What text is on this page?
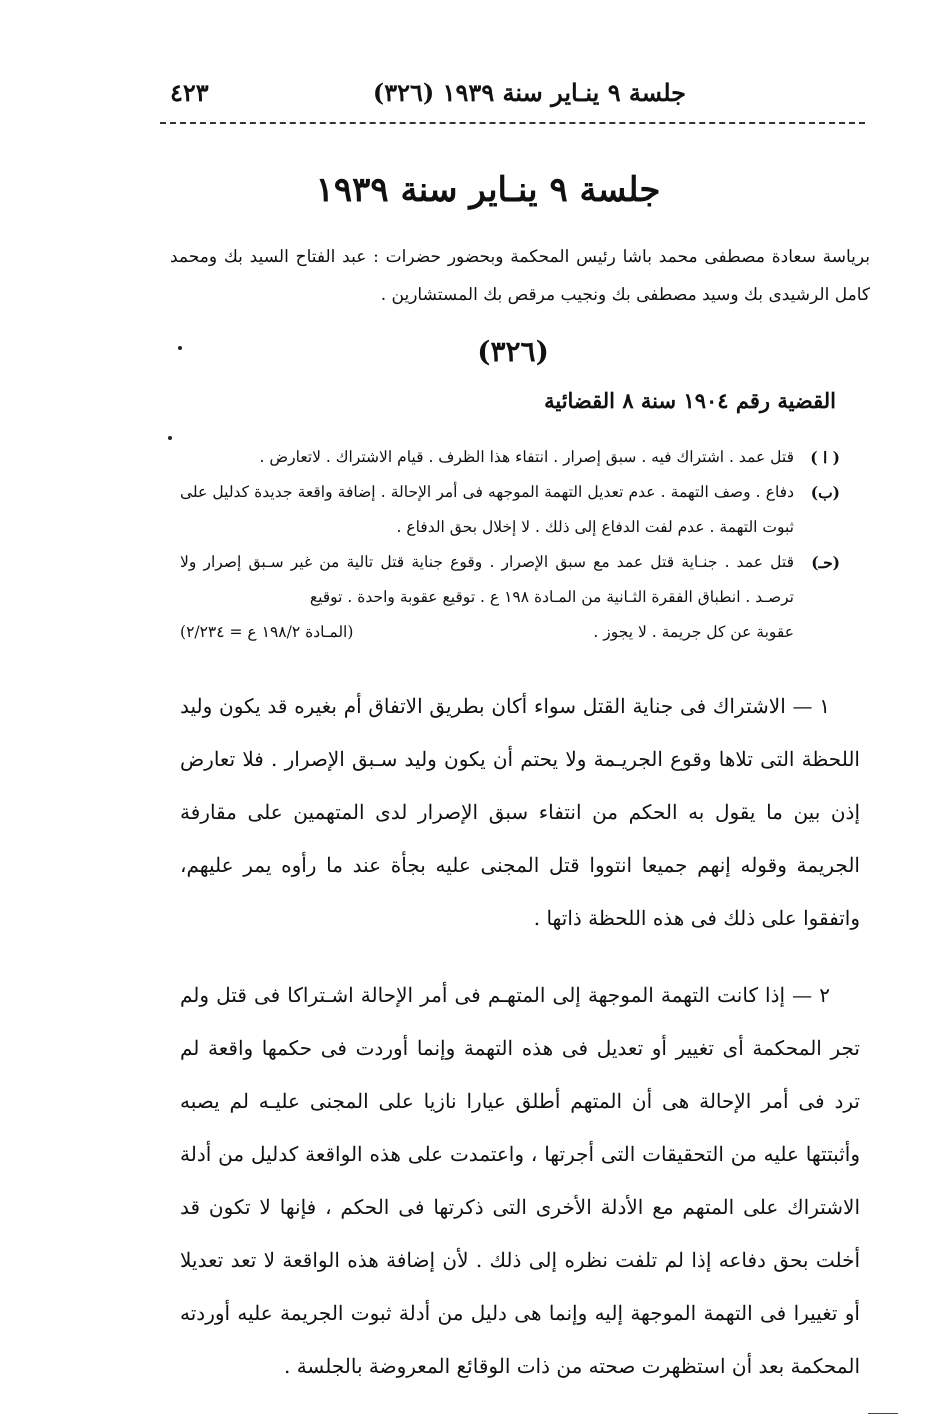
جلسة ٩ ينـاير سنة ١٩٣٩ (٣٢٦)
٤٢٣
جلسة ٩ ينـاير سنة ١٩٣٩
برياسة سعادة مصطفى محمد باشا رئيس المحكمة وبحضور حضرات : عبد الفتاح السيد بك ومحمد كامل الرشيدى بك وسيد مصطفى بك ونجيب مرقص بك المستشارين .
(٣٢٦)
القضية رقم ١٩٠٤ سنة ٨ القضائية
( ا )
قتل عمد . اشتراك فيه . سبق إصرار . انتفاء هذا الظرف . قيام الاشتراك . لاتعارض .
(ب)
دفاع . وصف التهمة . عدم تعديل التهمة الموجهه فى أمر الإحالة . إضافة واقعة جديدة كدليل على ثبوت التهمة . عدم لفت الدفاع إلى ذلك . لا إخلال بحق الدفاع .
(حـ)
قتل عمد . جنـاية قتل عمد مع سبق الإصرار . وقوع جناية قتل تالية من غير سـبق إصرار ولا ترصـد . انطباق الفقرة الثـانية من المـادة ١٩٨ ع . توقيع عقوبة واحدة . توقيع
عقوبة عن كل جريمة . لا يجوز .
(المـادة ١٩٨/٢ ع = ٢/٢٣٤)

١ — الاشتراك فى جناية القتل سواء أكان بطريق الاتفاق أم بغيره قد يكون وليد اللحظة التى تلاها وقوع الجريـمة ولا يحتم أن يكون وليد سـبق الإصرار . فلا تعارض إذن بين ما يقول به الحكم من انتفاء سبق الإصرار لدى المتهمين على مقارفة الجريمة وقوله إنهم جميعا انتووا قتل المجنى عليه بجأة عند ما رأوه يمر عليهم، واتفقوا على ذلك فى هذه اللحظة ذاتها .

٢ — إذا كانت التهمة الموجهة إلى المتهـم فى أمر الإحالة اشـتراكا فى قتل ولم تجر المحكمة أى تغيير أو تعديل فى هذه التهمة وإنما أوردت فى حكمها واقعة لم ترد فى أمر الإحالة هى أن المتهم أطلق عيارا نازيا على المجنى عليـه لم يصبه وأثبتتها عليه من التحقيقات التى أجرتها ، واعتمدت على هذه الواقعة كدليل من أدلة الاشتراك على المتهم مع الأدلة الأخرى التى ذكرتها فى الحكم ، فإنها لا تكون قد أخلت بحق دفاعه إذا لم تلفت نظره إلى ذلك . لأن إضافة هذه الواقعة لا تعد تعديلا أو تغييرا فى التهمة الموجهة إليه وإنما هى دليل من أدلة ثبوت الجريمة عليه أوردته المحكمة بعد أن استظهرت صحته من ذات الوقائع المعروضة بالجلسة .
